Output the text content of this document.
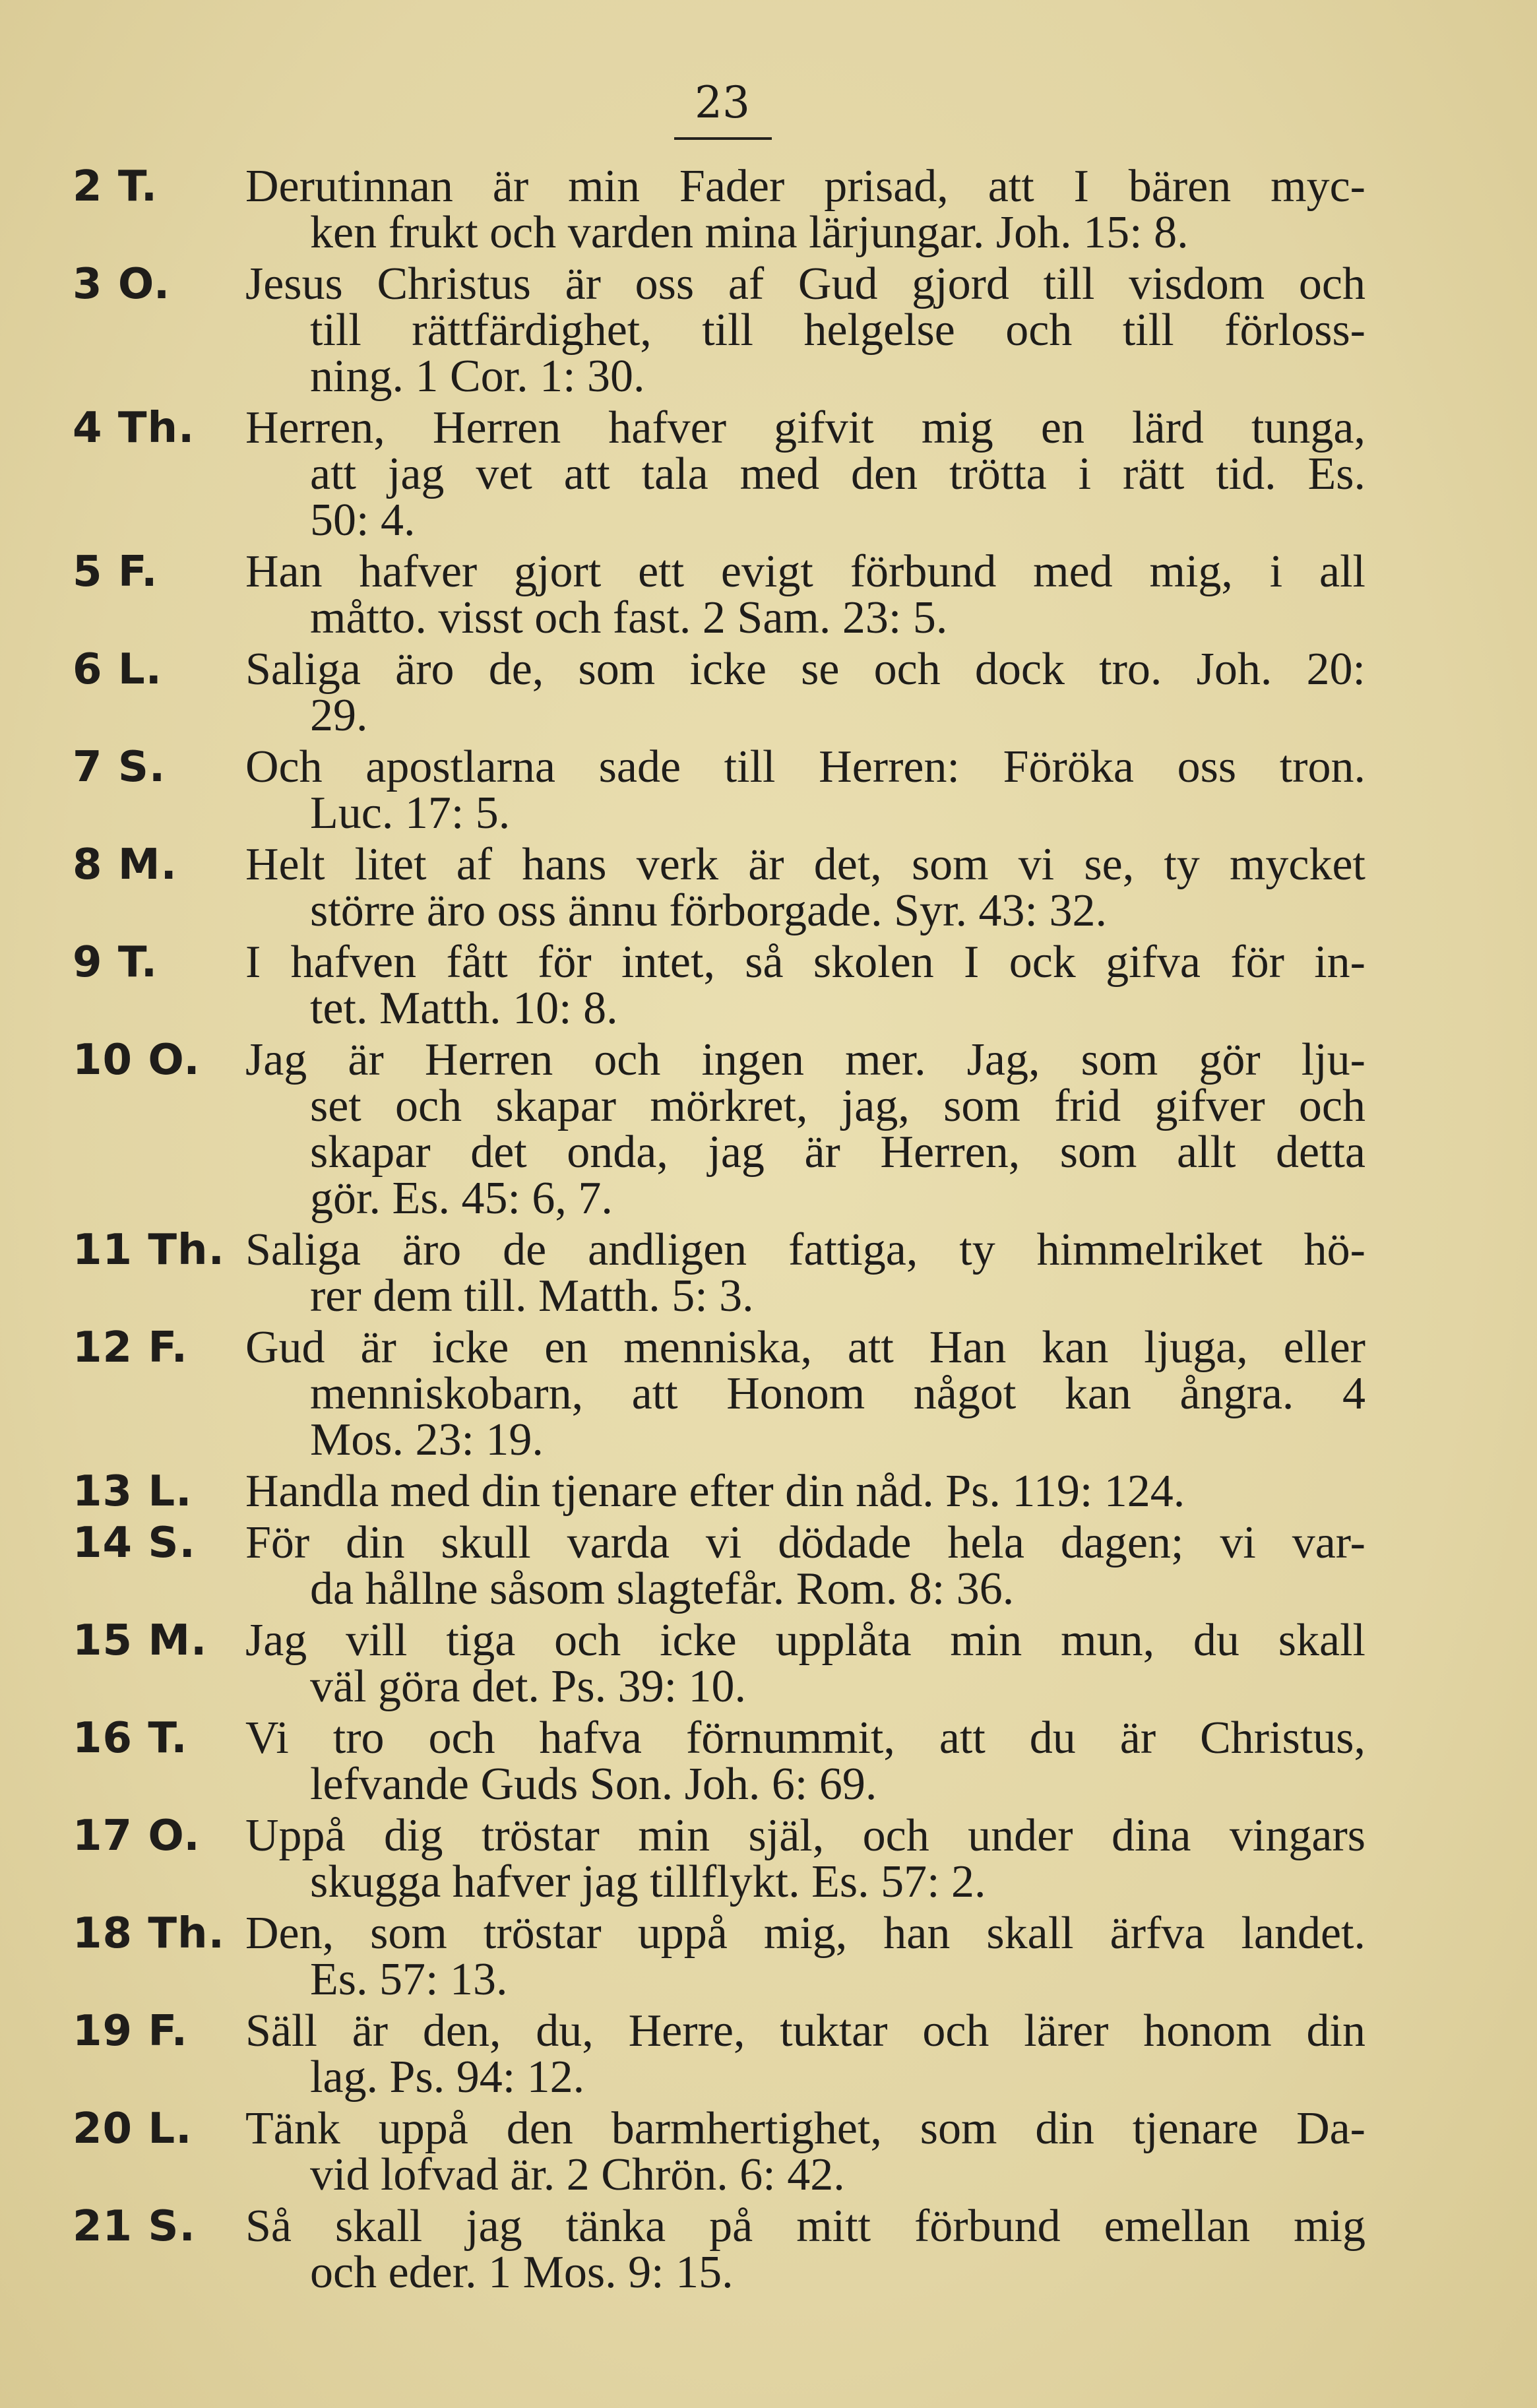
23
2 T.	Derutinnan är min Fader prisad, att I bären myc-
ken frukt och varden mina lärjungar. Joh. 15: 8.
3 O.	Jesus Christus är oss af Gud gjord till visdom och
till rättfärdighet, till helgelse och till förloss-
ning. 1 Cor. 1: 30.
4 Th.	Herren, Herren hafver gifvit mig en lärd tunga,
att jag vet att tala med den trötta i rätt tid. Es.
50: 4.
5 F.	Han hafver gjort ett evigt förbund med mig, i all
måtto. visst och fast. 2 Sam. 23: 5.
6 L.	Saliga äro de, som icke se och dock tro. Joh. 20:
29.
7 S.	Och apostlarna sade till Herren: Föröka oss tron.
Luc. 17: 5.
8 M.	Helt litet af hans verk är det, som vi se, ty mycket
större äro oss ännu förborgade. Syr. 43: 32.
9 T.	I hafven fått för intet, så skolen I ock gifva för in-
tet. Matth. 10: 8.
10 O. Jag är Herren och ingen mer. Jag, som gör lju-
set och skapar mörkret, jag, som frid gifver och
skapar det onda, jag är Herren, som allt detta
gör. Es. 45: 6, 7.
11 Th. Saliga äro de andligen fattiga, ty himmelriket hö-
rer dem till. Matth. 5: 3.
12 F.	Gud är icke en menniska, att Han kan ljuga, eller
menniskobarn, att Honom något kan ångra. 4
Mos. 23: 19.
13 L.	Handla med din tjenare efter din nåd. Ps. 119: 124.
14 S.	För din skull varda vi dödade hela dagen; vi var-
da hållne såsom slagtefår. Rom. 8: 36.
15 M. Jag vill tiga och icke upplåta min mun, du skall
väl göra det. Ps. 39: 10.
16 T.	Vi tro och hafva förnummit, att du är Christus,
lefvande Guds Son. Joh. 6: 69.
17 O. Uppå dig tröstar min själ, och under dina vingars
skugga hafver jag tillflykt. Es. 57: 2.
18 Th. Den, som tröstar uppå mig, han skall ärfva landet.
Es. 57: 13.
19 F.	Säll är den, du, Herre, tuktar och lärer honom din
lag. Ps. 94: 12.
20 L.	Tänk uppå den barmhertighet, som din tjenare Da-
vid lofvad är. 2 Chrön. 6: 42.
21 S.	Så skall jag tänka på mitt förbund emellan mig
och eder. 1 Mos. 9: 15.
